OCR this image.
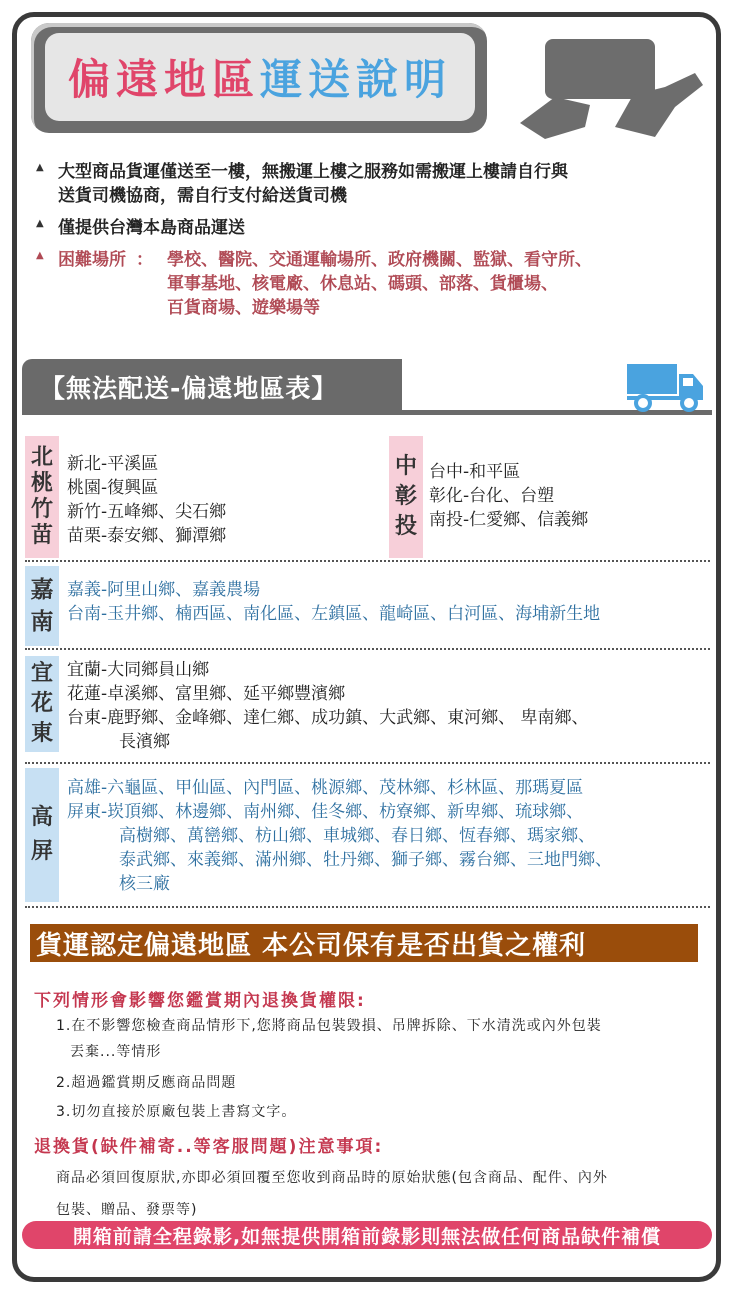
偏遠地區 運送說明
▲ 大型商品貨運僅送至一樓，無搬運上樓之服務如需搬運上樓請自行與
送貨司機協商，需自行支付給送貨司機
▲ 僅提供台灣本島商品運送
▲ 困難場所 ： 學校、醫院、交通運輸場所、政府機關、監獄、看守所、
軍事基地、核電廠、休息站、碼頭、部落、貨櫃場、
百貨商場、遊樂場等
【無法配送-偏遠地區表】
北
桃
竹
苗
新北-平溪區
桃園-復興區
新竹-五峰鄉、尖石鄉
苗栗-泰安鄉、獅潭鄉
中
彰
投
台中-和平區
彰化-台化、台塑
南投-仁愛鄉、信義鄉
嘉
南
嘉義-阿里山鄉、嘉義農場
台南-玉井鄉、楠西區、南化區、左鎮區、龍崎區、白河區、海埔新生地
宜
花
東
宜蘭-大同鄉員山鄉
花蓮-卓溪鄉、富里鄉、延平鄉豐濱鄉
台東-鹿野鄉、金峰鄉、達仁鄉、成功鎮、大武鄉、東河鄉、 卑南鄉、
長濱鄉
高
屏
高雄-六龜區、甲仙區、內門區、桃源鄉、茂林鄉、杉林區、那瑪夏區
屏東-崁頂鄉、林邊鄉、南州鄉、佳冬鄉、枋寮鄉、新卑鄉、琉球鄉、
高樹鄉、萬巒鄉、枋山鄉、車城鄉、春日鄉、恆春鄉、瑪家鄉、
泰武鄉、來義鄉、滿州鄉、牡丹鄉、獅子鄉、霧台鄉、三地門鄉、
核三廠
貨運認定偏遠地區 本公司保有是否出貨之權利
下列情形會影響您鑑賞期內退換貨權限:
1.在不影響您檢查商品情形下,您將商品包裝毀損、吊牌拆除、下水清洗或內外包裝
丟棄...等情形
2.超過鑑賞期反應商品問題
3.切勿直接於原廠包裝上書寫文字。
退換貨(缺件補寄..等客服問題)注意事項:
商品必須回復原狀,亦即必須回覆至您收到商品時的原始狀態(包含商品、配件、內外
包裝、贈品、發票等)
開箱前請全程錄影,如無提供開箱前錄影則無法做任何商品缺件補償
